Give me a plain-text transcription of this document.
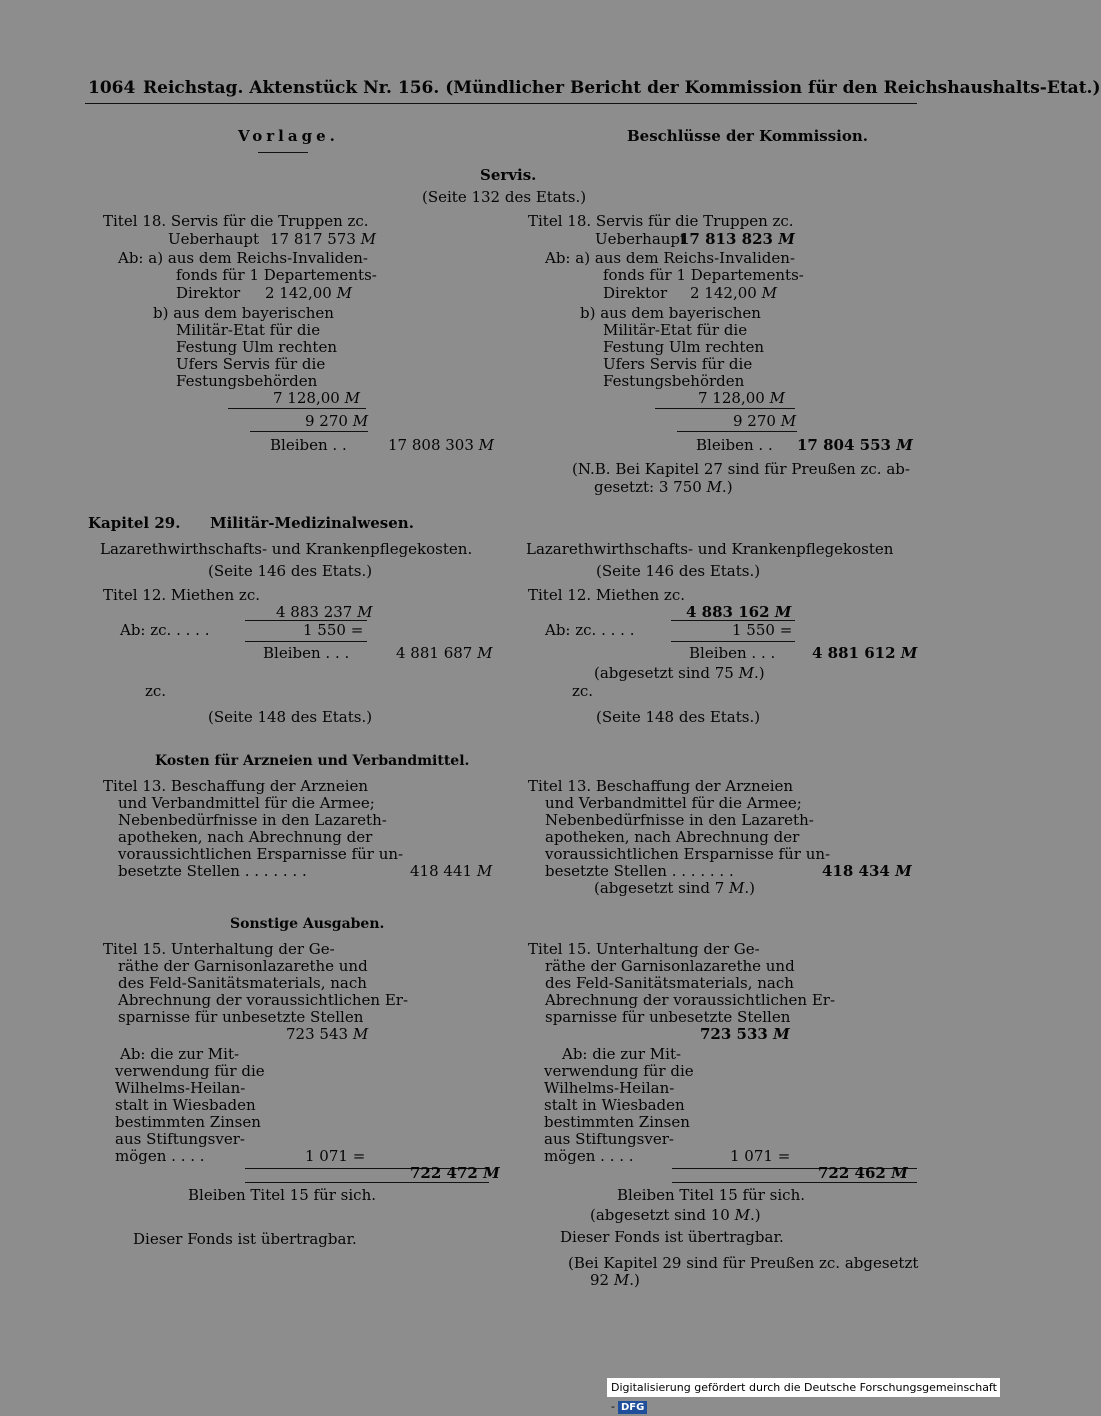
1064 Reichstag. Aktenstück Nr. 156. (Mündlicher Bericht der Kommission für den Reichshaushalts-Etat.)
Vorlage.	Beschlüsse der Kommission.
Servis.
(Seite 132 des Etats.)
Titel 18. Servis für die Truppen zc.
Ueberhaupt 17 817 573 M
Ab: a) aus dem Reichs-Invaliden-
fonds für 1 Departements-
Direktor 2 142,00 M
b) aus dem bayerischen
Militär-Etat für die
Festung Ulm rechten
Ufers Servis für die
Festungsbehörden
7 128,00 M
9 270 M
Bleiben . .	17 808 303 M
Titel 18. Servis für die Truppen zc.
Ueberhaupt
17 813 823 M
Ab: a) aus dem Reichs-Invaliden-
fonds für 1 Departements-
Direktor 2 142,00 M
b) aus dem bayerischen
Militär-Etat für die
Festung Ulm rechten
Ufers Servis für die
Festungsbehörden
7 128,00 M
9 270 M
Bleiben . . 17 804 553 M
(N.B. Bei Kapitel 27 sind für Preußen zc. ab-
gesetzt: 3 750 M.)
Kapitel 29. Militär-Medizinalwesen.
Lazarethwirthschafts- und Krankenpflegekosten.	Lazarethwirthschafts- und Krankenpflegekosten
(Seite 146 des Etats.)	(Seite 146 des Etats.)
Titel 12. Miethen zc.
4 883 237 M
Ab: zc. . . . .	1 550 =
Bleiben . . .	4 881 687 M
Titel 12. Miethen zc.
4 883 162 M
Ab: zc. . . . .	1 550 =
Bleiben . . . 4 881 612 M
(abgesetzt sind 75 M.)
zc.	zc.
(Seite 148 des Etats.)	(Seite 148 des Etats.)
Kosten für Arzneien und Verbandmittel.
Titel 13. Beschaffung der Arzneien
und Verbandmittel für die Armee;
Nebenbedürfnisse in den Lazareth-
apotheken, nach Abrechnung der
voraussichtlichen Ersparnisse für un-
besetzte Stellen . . . . . . .	418 441 M
Titel 13. Beschaffung der Arzneien
und Verbandmittel für die Armee;
Nebenbedürfnisse in den Lazareth-
apotheken, nach Abrechnung der
voraussichtlichen Ersparnisse für un-
besetzte Stellen . . . . . . .	418 434 M
(abgesetzt sind 7 M.)
Sonstige Ausgaben.
Titel 15. Unterhaltung der Ge-
räthe der Garnisonlazarethe und
des Feld-Sanitätsmaterials, nach
Abrechnung der voraussichtlichen Er-
sparnisse für unbesetzte Stellen
723 543 M
Ab: die zur Mit-
verwendung für die
Wilhelms-Heilan-
stalt in Wiesbaden
bestimmten Zinsen
aus Stiftungsver-
mögen . . . .	1 071 =
722 472 M
Bleiben Titel 15 für sich.
Dieser Fonds ist übertragbar.
Titel 15. Unterhaltung der Ge-
räthe der Garnisonlazarethe und
des Feld-Sanitätsmaterials, nach
Abrechnung der voraussichtlichen Er-
sparnisse für unbesetzte Stellen
723 533 M
Ab: die zur Mit-
verwendung für die
Wilhelms-Heilan-
stalt in Wiesbaden
bestimmten Zinsen
aus Stiftungsver-
mögen . . . .	1 071 =
722 462 M
Bleiben Titel 15 für sich.
(abgesetzt sind 10 M.)
Dieser Fonds ist übertragbar.
(Bei Kapitel 29 sind für Preußen zc. abgesetzt
92 M.)
Digitalisierung gefördert durch die Deutsche Forschungsgemeinschaft - DFG
